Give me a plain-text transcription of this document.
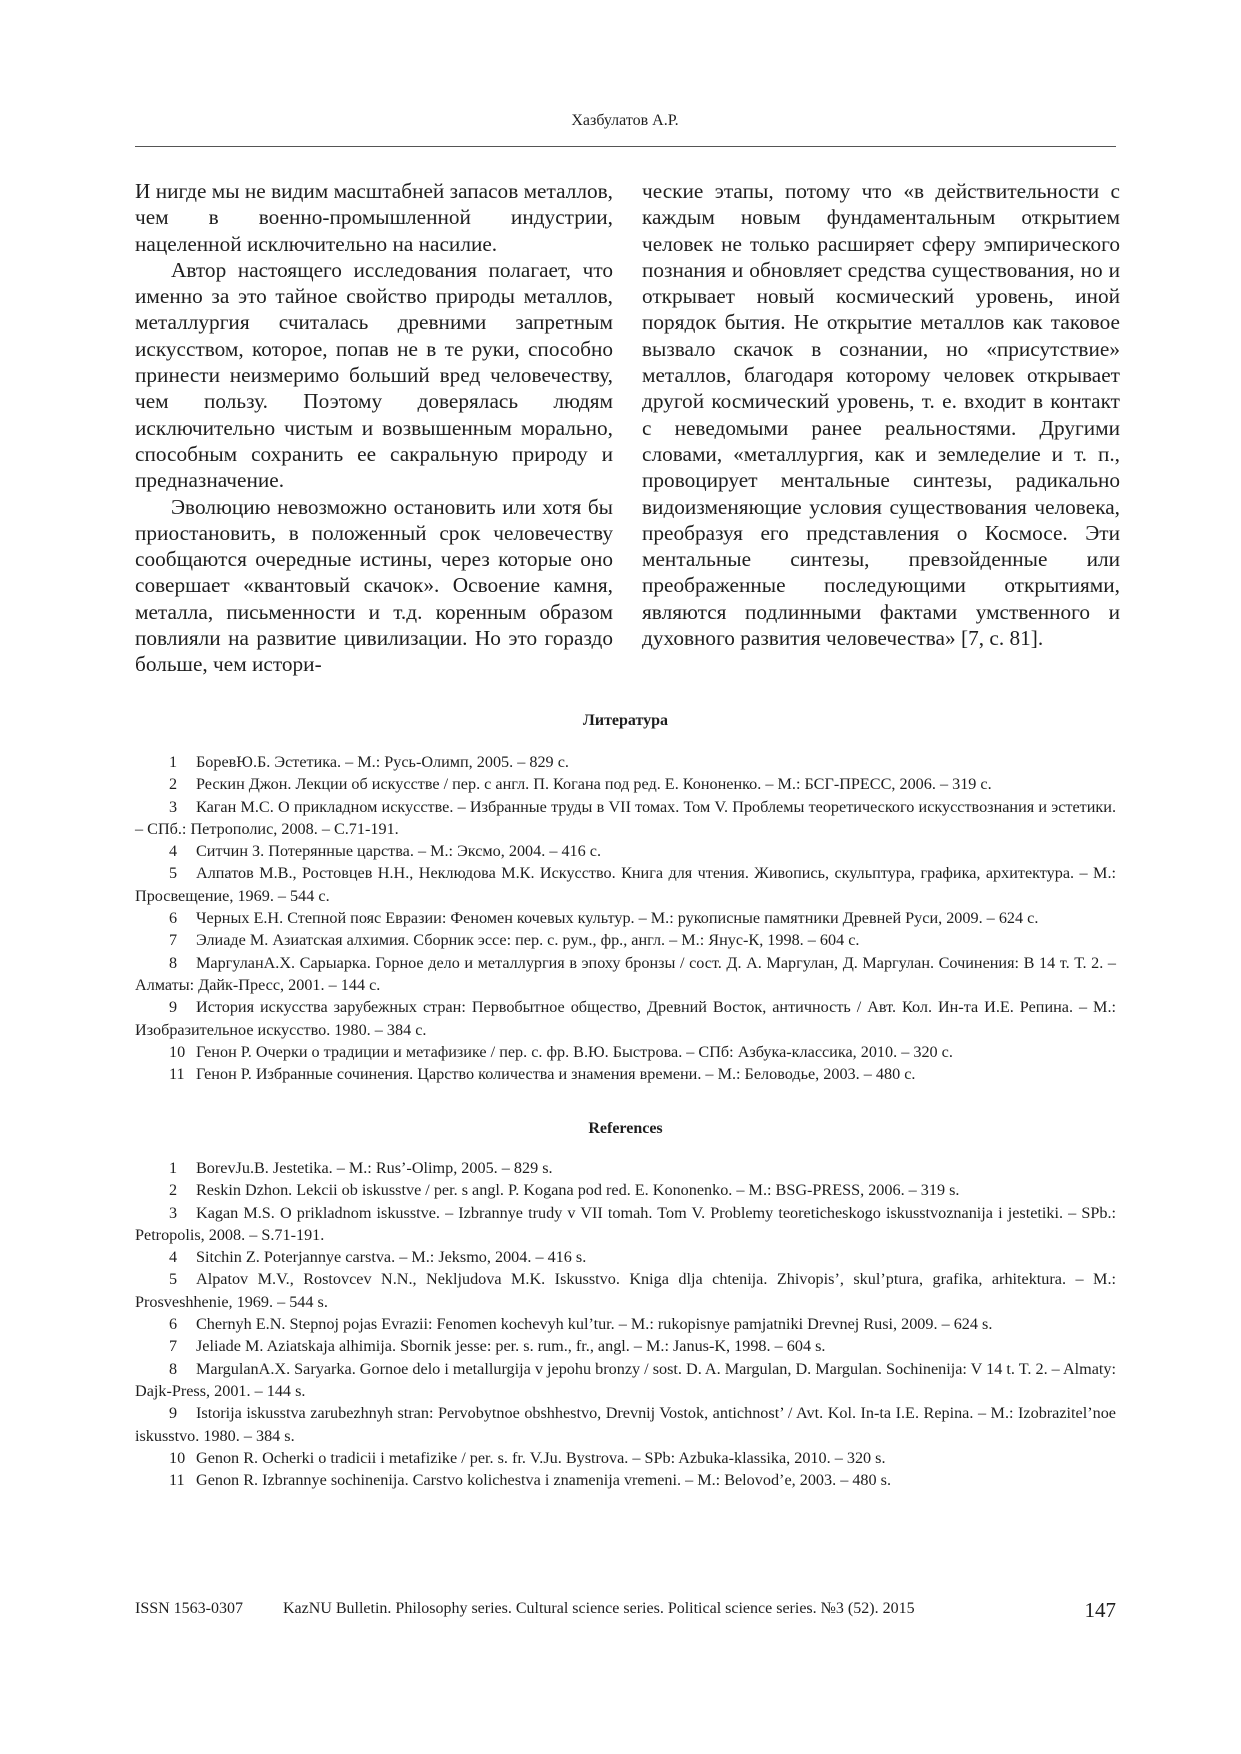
Хазбулатов А.Р.

И нигде мы не видим масштабней запасов металлов, чем в военно-промышленной индустрии, нацеленной исключительно на насилие.

Автор настоящего исследования полагает, что именно за это тайное свойство природы металлов, металлургия считалась древними запретным искусством, которое, попав не в те руки, способно принести неизмеримо больший вред человечеству, чем пользу. Поэтому доверялась людям исключительно чистым и возвышенным морально, способным сохранить ее сакральную природу и предназначение.

Эволюцию невозможно остановить или хотя бы приостановить, в положенный срок человечеству сообщаются очередные истины, через которые оно совершает «квантовый скачок». Освоение камня, металла, письменности и т.д. коренным образом повлияли на развитие цивилизации. Но это гораздо больше, чем истори-

ческие этапы, потому что «в действительности с каждым новым фундаментальным открытием человек не только расширяет сферу эмпирического познания и обновляет средства существования, но и открывает новый космический уровень, иной порядок бытия. Не открытие металлов как таковое вызвало скачок в сознании, но «присутствие» металлов, благодаря которому человек открывает другой космический уровень, т. е. входит в контакт с неведомыми ранее реальностями. Другими словами, «металлургия, как и земледелие и т. п., провоцирует ментальные синтезы, радикально видоизменяющие условия существования человека, преобразуя его представления о Космосе. Эти ментальные синтезы, превзойденные или преображенные последующими открытиями, являются подлинными фактами умственного и духовного развития человечества» [7, с. 81].

Литература
1 БоревЮ.Б. Эстетика. – М.: Русь-Олимп, 2005. – 829 с.
2 Рескин Джон. Лекции об искусстве / пер. с англ. П. Когана под ред. Е. Кононенко. – М.: БСГ-ПРЕСС, 2006. – 319 с.
3 Каган М.С. О прикладном искусстве. – Избранные труды в VII томах. Том V. Проблемы теоретического искусствознания и эстетики. – СПб.: Петрополис, 2008. – С.71-191.
4 Ситчин З. Потерянные царства. – М.: Эксмо, 2004. – 416 с.
5 Алпатов М.В., Ростовцев Н.Н., Неклюдова М.К. Искусство. Книга для чтения. Живопись, скульптура, графика, архитектура. – М.: Просвещение, 1969. – 544 с.
6 Черных Е.Н. Степной пояс Евразии: Феномен кочевых культур. – М.: рукописные памятники Древней Руси, 2009. – 624 с.
7 Элиаде М. Азиатская алхимия. Сборник эссе: пер. с. рум., фр., англ. – М.: Янус-К, 1998. – 604 с.
8 МаргуланА.Х. Сарыарка. Горное дело и металлургия в эпоху бронзы / сост. Д. А. Маргулан, Д. Маргулан. Сочинения: В 14 т. Т. 2. – Алматы: Дайк-Пресс, 2001. – 144 с.
9 История искусства зарубежных стран: Первобытное общество, Древний Восток, античность / Авт. Кол. Ин-та И.Е. Репина. – М.: Изобразительное искусство. 1980. – 384 с.
10 Генон Р. Очерки о традиции и метафизике / пер. с. фр. В.Ю. Быстрова. – СПб: Азбука-классика, 2010. – 320 с.
11 Генон Р. Избранные сочинения. Царство количества и знамения времени. – М.: Беловодье, 2003. – 480 с.
References
1 BorevJu.B. Jestetika. – M.: Rus’-Olimp, 2005. – 829 s.
2 Reskin Dzhon. Lekcii ob iskusstve / per. s angl. P. Kogana pod red. E. Kononenko. – M.: BSG-PRESS, 2006. – 319 s.
3 Kagan M.S. O prikladnom iskusstve. – Izbrannye trudy v VII tomah. Tom V. Problemy teoreticheskogo iskusstvoznanija i jestetiki. – SPb.: Petropolis, 2008. – S.71-191.
4 Sitchin Z. Poterjannye carstva. – M.: Jeksmo, 2004. – 416 s.
5 Alpatov M.V., Rostovcev N.N., Nekljudova M.K. Iskusstvo. Kniga dlja chtenija. Zhivopis’, skul’ptura, grafika, arhitektura. – M.: Prosveshhenie, 1969. – 544 s.
6 Chernyh E.N. Stepnoj pojas Evrazii: Fenomen kochevyh kul’tur. – M.: rukopisnye pamjatniki Drevnej Rusi, 2009. – 624 s.
7 Jeliade M. Aziatskaja alhimija. Sbornik jesse: per. s. rum., fr., angl. – M.: Janus-K, 1998. – 604 s.
8 MargulanA.X. Saryarka. Gornoe delo i metallurgija v jepohu bronzy / sost. D. A. Margulan, D. Margulan. Sochinenija: V 14 t. T. 2. – Almaty: Dajk-Press, 2001. – 144 s.
9 Istorija iskusstva zarubezhnyh stran: Pervobytnoe obshhestvo, Drevnij Vostok, antichnost’ / Avt. Kol. In-ta I.E. Repina. – M.: Izobrazitel’noe iskusstvo. 1980. – 384 s.
10 Genon R. Ocherki o tradicii i metafizike / per. s. fr. V.Ju. Bystrova. – SPb: Azbuka-klassika, 2010. – 320 s.
11 Genon R. Izbrannye sochinenija. Carstvo kolichestva i znamenija vremeni. – M.: Belovod’e, 2003. – 480 s.
ISSN 1563-0307 KazNU Bulletin. Philosophy series. Cultural science series. Political science series. №3 (52). 2015	147
